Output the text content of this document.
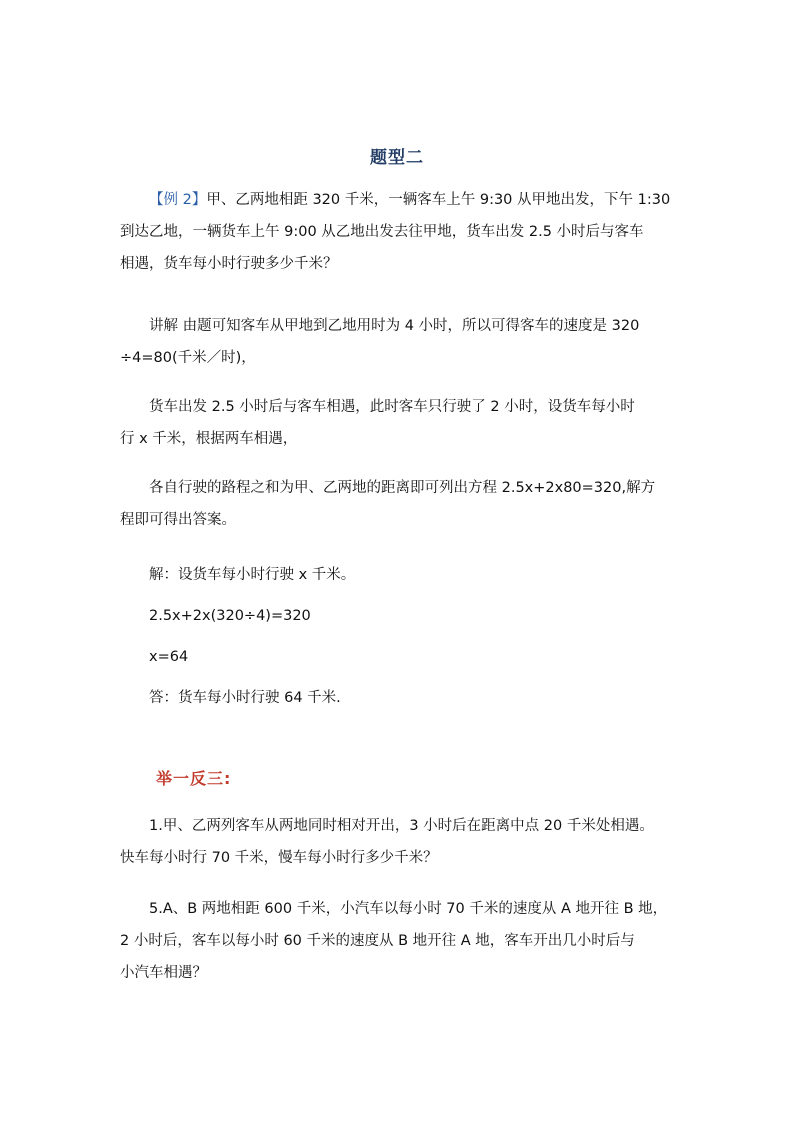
题型二
【例 2】甲、乙两地相距 320 千米，一辆客车上午 9:30 从甲地出发，下午 1:30
到达乙地，一辆货车上午 9:00 从乙地出发去往甲地，货车出发 2.5 小时后与客车
相遇，货车每小时行驶多少千米？
讲解 由题可知客车从甲地到乙地用时为 4 小时，所以可得客车的速度是 320
÷4=80(千米／时)，
货车出发 2.5 小时后与客车相遇，此时客车只行驶了 2 小时，设货车每小时
行 x 千米，根据两车相遇，
各自行驶的路程之和为甲、乙两地的距离即可列出方程 2.5x+2x80=320,解方
程即可得出答案。
解：设货车每小时行驶 x 千米。
2.5x+2x(320÷4)=320
x=64
答：货车每小时行驶 64 千米.
举一反三:
1.甲、乙两列客车从两地同时相对开出，3 小时后在距离中点 20 千米处相遇。
快车每小时行 70 千米，慢车每小时行多少千米？
5.A、B 两地相距 600 千米，小汽车以每小时 70 千米的速度从 A 地开往 B 地，
2 小时后，客车以每小时 60 千米的速度从 B 地开往 A 地，客车开出几小时后与
小汽车相遇？
